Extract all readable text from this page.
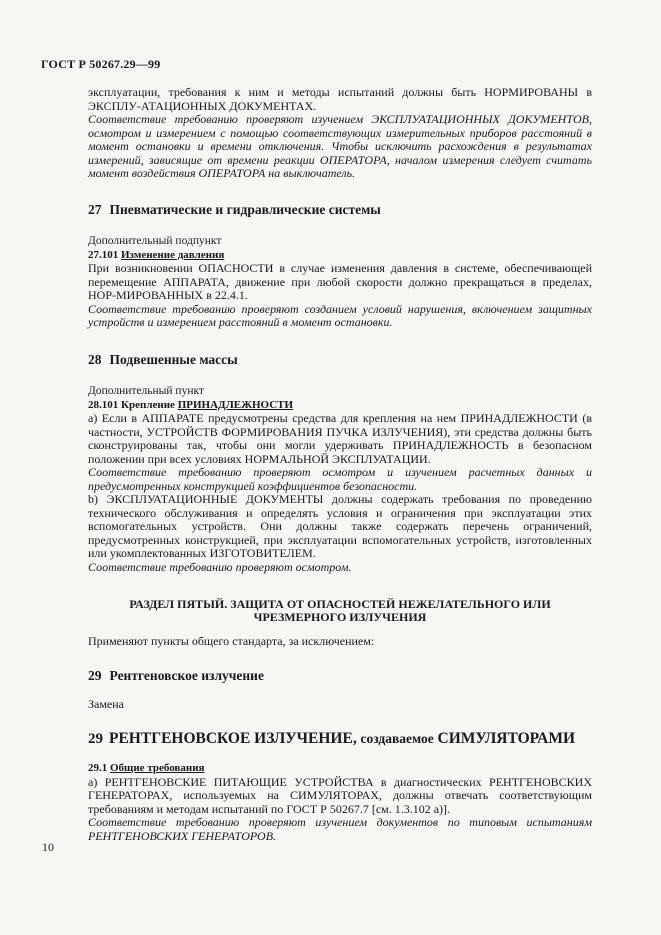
ГОСТ Р 50267.29—99

эксплуатации, требования к ним и методы испытаний должны быть НОРМИРОВАНЫ в ЭКСПЛУ-АТАЦИОННЫХ ДОКУМЕНТАХ.

Соответствие требованию проверяют изучением ЭКСПЛУАТАЦИОННЫХ ДОКУМЕНТОВ, осмотром и измерением с помощью соответствующих измерительных приборов расстояний в момент остановки и времени отключения. Чтобы исключить расхождения в результатах измерений, зависящие от времени реакции ОПЕРАТОРА, началом измерения следует считать момент воздействия ОПЕРАТОРА на выключатель.

27 Пневматические и гидравлические системы

Дополнительный подпункт

27.101 Изменение давления

При возникновении ОПАСНОСТИ в случае изменения давления в системе, обеспечивающей перемещение АППАРАТА, движение при любой скорости должно прекращаться в пределах, НОР-МИРОВАННЫХ в 22.4.1.

Соответствие требованию проверяют созданием условий нарушения, включением защитных устройств и измерением расстояний в момент остановки.

28 Подвешенные массы

Дополнительный пункт

28.101 Крепление ПРИНАДЛЕЖНОСТИ

a) Если в АППАРАТЕ предусмотрены средства для крепления на нем ПРИНАДЛЕЖНОСТИ (в частности, УСТРОЙСТВ ФОРМИРОВАНИЯ ПУЧКА ИЗЛУЧЕНИЯ), эти средства должны быть сконструированы так, чтобы они могли удерживать ПРИНАДЛЕЖНОСТЬ в безопасном положении при всех условиях НОРМАЛЬНОЙ ЭКСПЛУАТАЦИИ.

Соответствие требованию проверяют осмотром и изучением расчетных данных и предусмотренных конструкцией коэффициентов безопасности.

b) ЭКСПЛУАТАЦИОННЫЕ ДОКУМЕНТЫ должны содержать требования по проведению технического обслуживания и определять условия и ограничения при эксплуатации этих вспомогательных устройств. Они должны также содержать перечень ограничений, предусмотренных конструкцией, при эксплуатации вспомогательных устройств, изготовленных или укомплектованных ИЗГОТОВИТЕЛЕМ.

Соответствие требованию проверяют осмотром.

РАЗДЕЛ ПЯТЫЙ. ЗАЩИТА ОТ ОПАСНОСТЕЙ НЕЖЕЛАТЕЛЬНОГО ИЛИ
ЧРЕЗМЕРНОГО ИЗЛУЧЕНИЯ

Применяют пункты общего стандарта, за исключением:

29 Рентгеновское излучение

Замена

29 РЕНТГЕНОВСКОЕ ИЗЛУЧЕНИЕ, создаваемое СИМУЛЯТОРАМИ

29.1 Общие требования

a) РЕНТГЕНОВСКИЕ ПИТАЮЩИЕ УСТРОЙСТВА в диагностических РЕНТГЕНОВСКИХ ГЕНЕРАТОРАХ, используемых на СИМУЛЯТОРАХ, должны отвечать соответствующим требованиям и методам испытаний по ГОСТ Р 50267.7 [см. 1.3.102 а)].

Соответствие требованию проверяют изучением документов по типовым испытаниям РЕНТГЕНОВСКИХ ГЕНЕРАТОРОВ.

10
